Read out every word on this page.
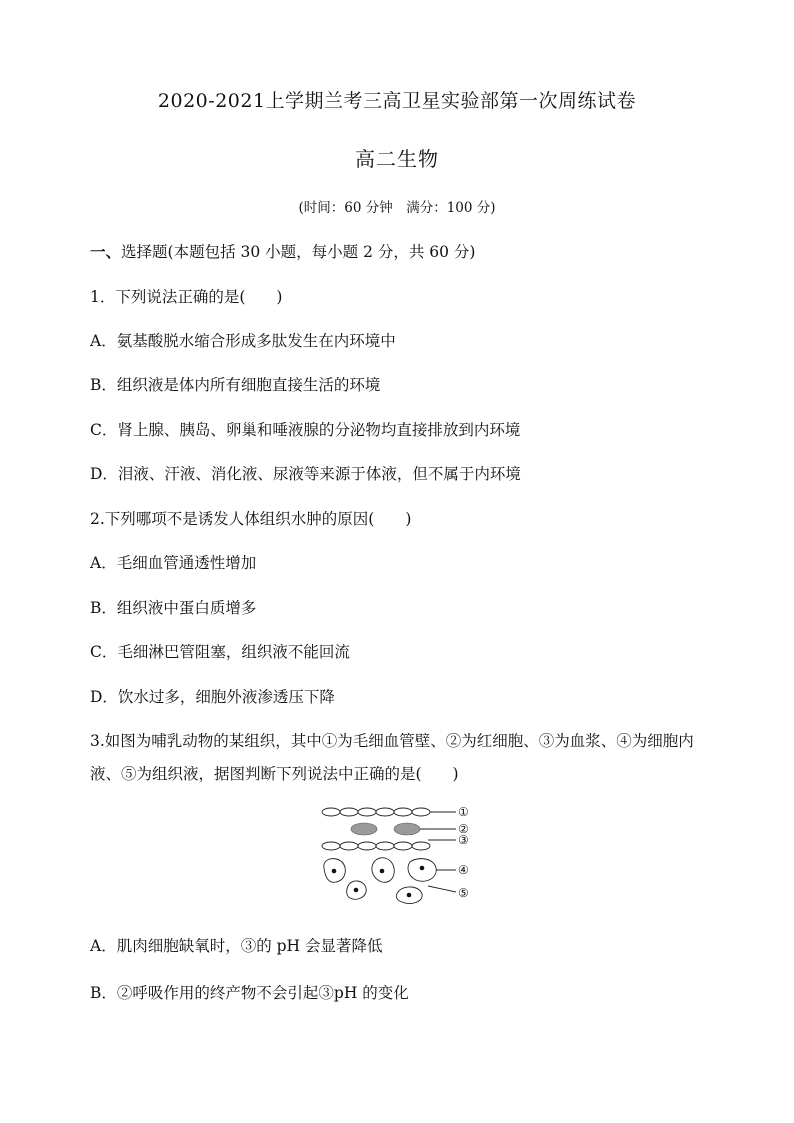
2020-2021上学期兰考三高卫星实验部第一次周练试卷
高二生物
(时间：60 分钟　满分：100 分)
一、选择题(本题包括 30 小题，每小题 2 分，共 60 分)
1．下列说法正确的是(　　)
A．氨基酸脱水缩合形成多肽发生在内环境中
B．组织液是体内所有细胞直接生活的环境
C．肾上腺、胰岛、卵巢和唾液腺的分泌物均直接排放到内环境
D．泪液、汗液、消化液、尿液等来源于体液，但不属于内环境
2.下列哪项不是诱发人体组织水肿的原因(　　)
A．毛细血管通透性增加
B．组织液中蛋白质增多
C．毛细淋巴管阻塞，组织液不能回流
D．饮水过多，细胞外液渗透压下降
3.如图为哺乳动物的某组织，其中①为毛细血管壁、②为红细胞、③为血浆、④为细胞内
液、⑤为组织液，据图判断下列说法中正确的是(　　)
①
②
③
④
⑤
A．肌肉细胞缺氧时，③的 pH 会显著降低
B．②呼吸作用的终产物不会引起③pH 的变化
